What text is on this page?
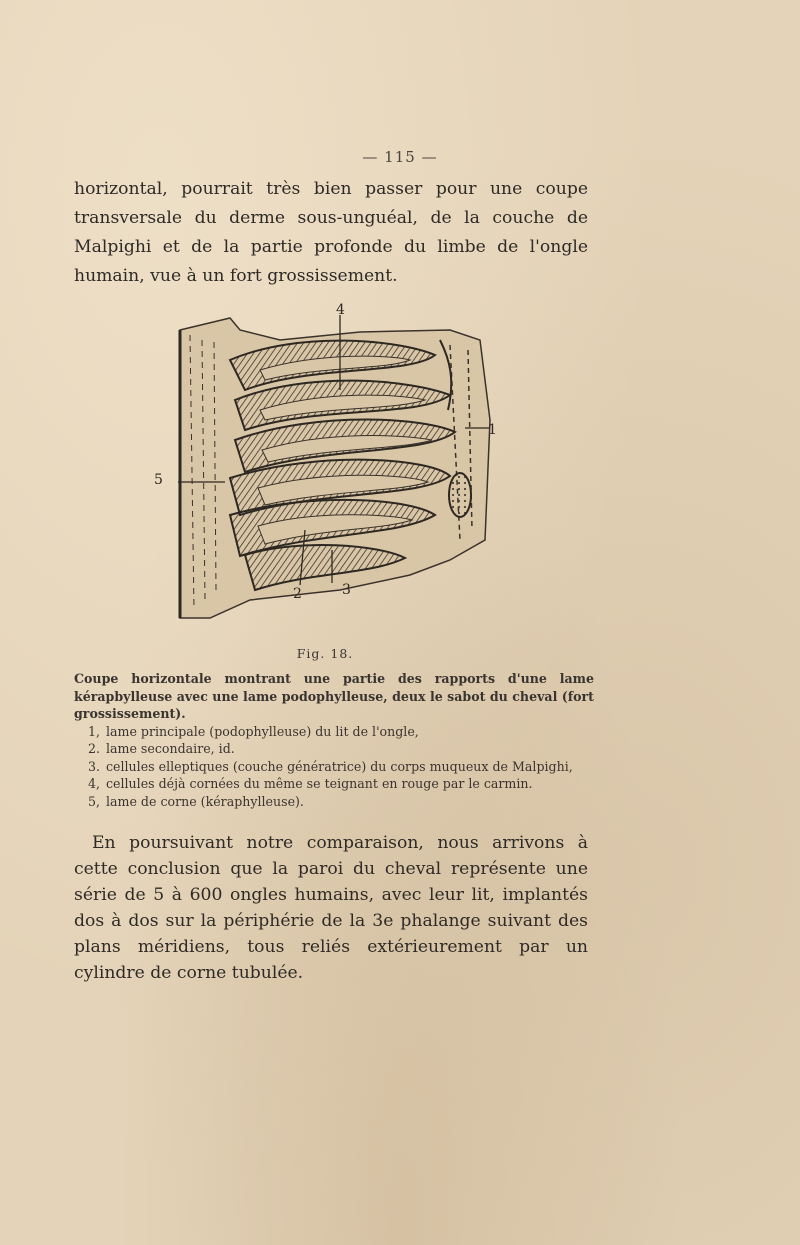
— 115 —

horizontal, pourrait très bien passer pour une coupe transversale du derme sous-unguéal, de la couche de Malpighi et de la partie profonde du limbe de l'ongle humain, vue à un fort grossissement.

4
1
5
2	3
Fig. 18.

Coupe horizontale montrant une partie des rapports d'une lame kérapbylleuse avec une lame podophylleuse, deux le sabot du cheval (fort grossissement).

1, lame principale (podophylleuse) du lit de l'ongle,
2. lame secondaire, id.
3. cellules elleptiques (couche génératrice) du corps muqueux de Malpighi,
4, cellules déjà cornées du même se teignant en rouge par le carmin.
5, lame de corne (kéraphylleuse).

En poursuivant notre comparaison, nous arrivons à cette conclusion que la paroi du cheval représente une série de 5 à 600 ongles humains, avec leur lit, implantés dos à dos sur la périphérie de la 3e phalange suivant des plans méridiens, tous reliés extérieurement par un cylindre de corne tubulée.
